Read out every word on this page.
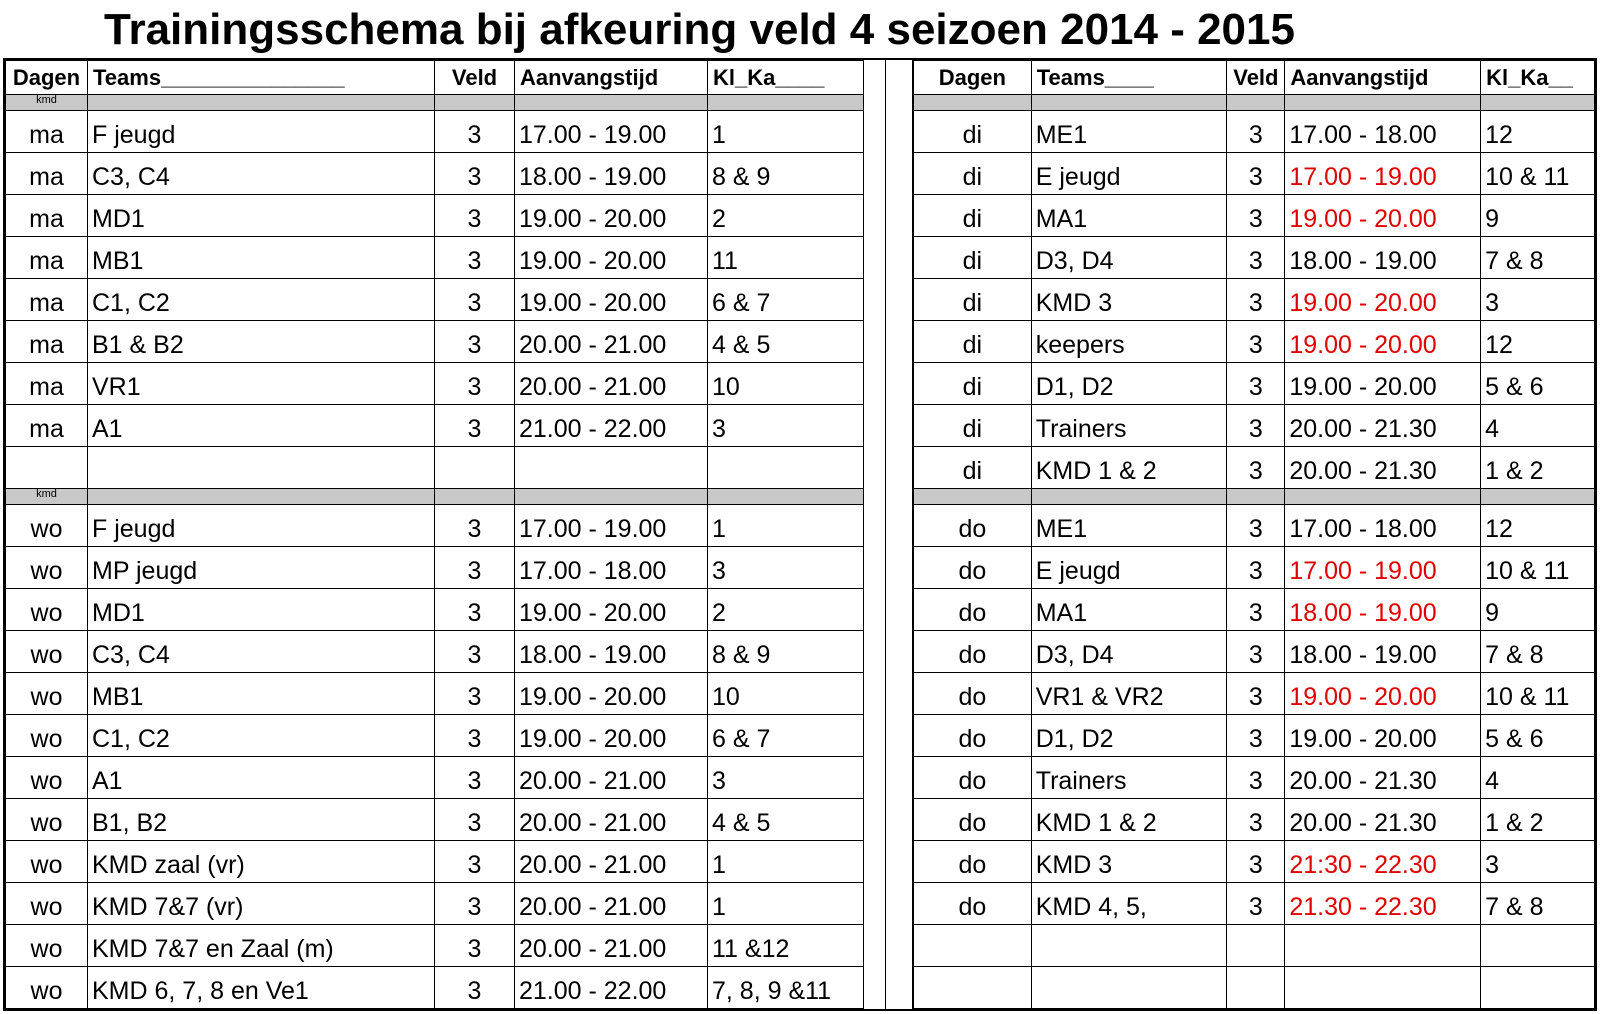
Trainingsschema bij afkeuring veld 4 seizoen 2014 - 2015
Dagen	Teams_______________	Veld	Aanvangstijd	Kl_Ka____
kmd				
ma	F jeugd	3	17.00 - 19.00	1
ma	C3, C4	3	18.00 - 19.00	8 & 9
ma	MD1	3	19.00 - 20.00	2
ma	MB1	3	19.00 - 20.00	11
ma	C1, C2	3	19.00 - 20.00	6 & 7
ma	B1 & B2	3	20.00 - 21.00	4 & 5
ma	VR1	3	20.00 - 21.00	10
ma	A1	3	21.00 - 22.00	3

kmd				
wo	F jeugd	3	17.00 - 19.00	1
wo	MP jeugd	3	17.00 - 18.00	3
wo	MD1	3	19.00 - 20.00	2
wo	C3, C4	3	18.00 - 19.00	8 & 9
wo	MB1	3	19.00 - 20.00	10
wo	C1, C2	3	19.00 - 20.00	6 & 7
wo	A1	3	20.00 - 21.00	3
wo	B1, B2	3	20.00 - 21.00	4 & 5
wo	KMD zaal (vr)	3	20.00 - 21.00	1
wo	KMD 7&7 (vr)	3	20.00 - 21.00	1
wo	KMD 7&7 en Zaal (m)	3	20.00 - 21.00	11 &12
wo	KMD 6, 7, 8 en Ve1	3	21.00 - 22.00	7, 8, 9 &11
Dagen	Teams____	Veld	Aanvangstijd	Kl_Ka__

di	ME1	3	17.00 - 18.00	12
di	E jeugd	3	17.00 - 19.00	10 & 11
di	MA1	3	19.00 - 20.00	9
di	D3, D4	3	18.00 - 19.00	7 & 8
di	KMD 3	3	19.00 - 20.00	3
di	keepers	3	19.00 - 20.00	12
di	D1, D2	3	19.00 - 20.00	5 & 6
di	Trainers	3	20.00 - 21.30	4
di	KMD 1 & 2	3	20.00 - 21.30	1 & 2

do	ME1	3	17.00 - 18.00	12
do	E jeugd	3	17.00 - 19.00	10 & 11
do	MA1	3	18.00 - 19.00	9
do	D3, D4	3	18.00 - 19.00	7 & 8
do	VR1 & VR2	3	19.00 - 20.00	10 & 11
do	D1, D2	3	19.00 - 20.00	5 & 6
do	Trainers	3	20.00 - 21.30	4
do	KMD 1 & 2	3	20.00 - 21.30	1 & 2
do	KMD 3	3	21:30 - 22.30	3
do	KMD 4, 5,	3	21.30 - 22.30	7 & 8
